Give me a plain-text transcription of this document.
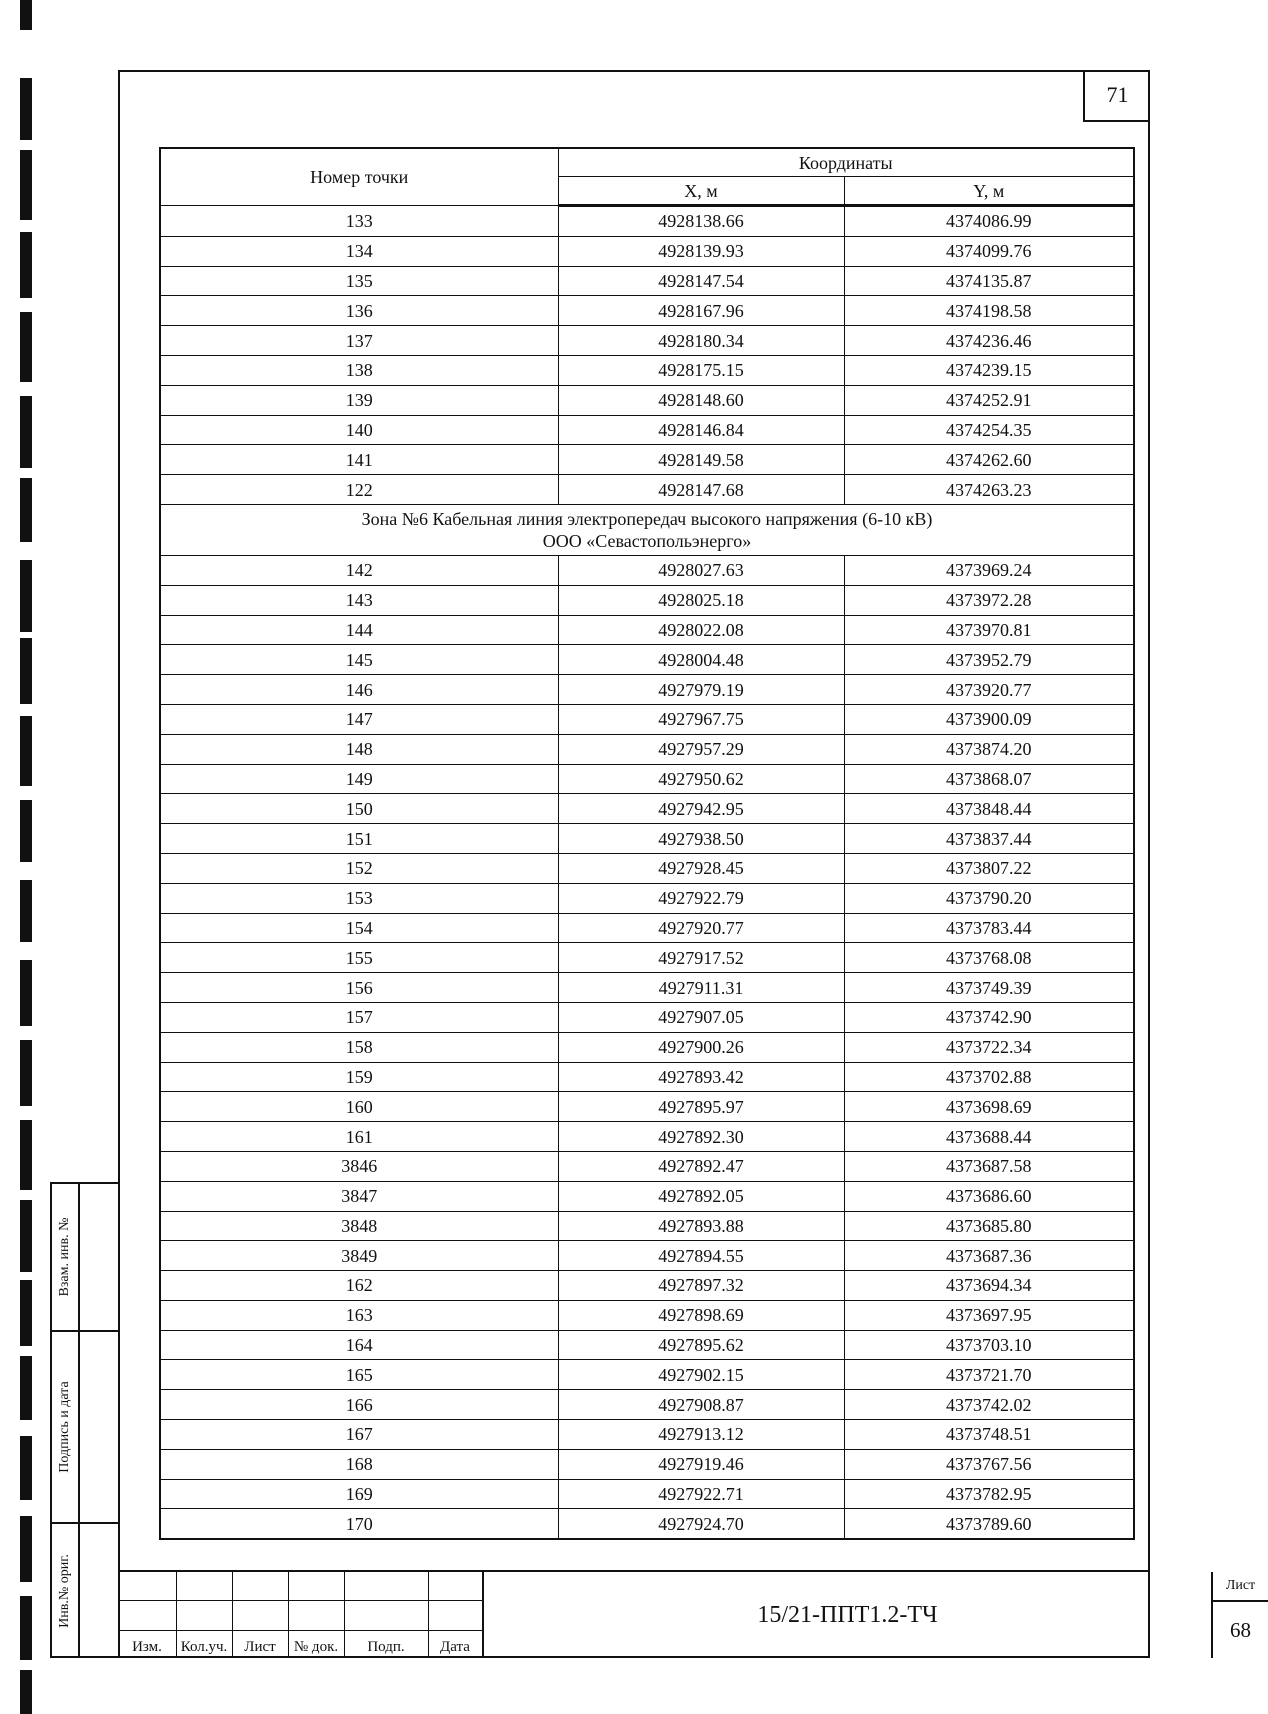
71
Номер точки	Координаты	
	X, м	Y, м
133	4928138.66	4374086.99
134	4928139.93	4374099.76
135	4928147.54	4374135.87
136	4928167.96	4374198.58
137	4928180.34	4374236.46
138	4928175.15	4374239.15
139	4928148.60	4374252.91
140	4928146.84	4374254.35
141	4928149.58	4374262.60
122	4928147.68	4374263.23

Зона №6 Кабельная линия электропередач высокого напряжения (6-10 кВ)
ООО «Севастопольэнерго»		

142	4928027.63	4373969.24
143	4928025.18	4373972.28
144	4928022.08	4373970.81
145	4928004.48	4373952.79
146	4927979.19	4373920.77
147	4927967.75	4373900.09
148	4927957.29	4373874.20
149	4927950.62	4373868.07
150	4927942.95	4373848.44
151	4927938.50	4373837.44
152	4927928.45	4373807.22
153	4927922.79	4373790.20
154	4927920.77	4373783.44
155	4927917.52	4373768.08
156	4927911.31	4373749.39
157	4927907.05	4373742.90
158	4927900.26	4373722.34
159	4927893.42	4373702.88
160	4927895.97	4373698.69
161	4927892.30	4373688.44
3846	4927892.47	4373687.58
3847	4927892.05	4373686.60
3848	4927893.88	4373685.80
3849	4927894.55	4373687.36
162	4927897.32	4373694.34
163	4927898.69	4373697.95
164	4927895.62	4373703.10
165	4927902.15	4373721.70
166	4927908.87	4373742.02
167	4927913.12	4373748.51
168	4927919.46	4373767.56
169	4927922.71	4373782.95
170	4927924.70	4373789.60
Взам. инв. №
Подпись и дата
Инв.№ ориг.
Изм.	Кол.уч.	Лист	№ док.	Подп.	Дата
15/21-ППТ1.2-ТЧ
Лист
68
